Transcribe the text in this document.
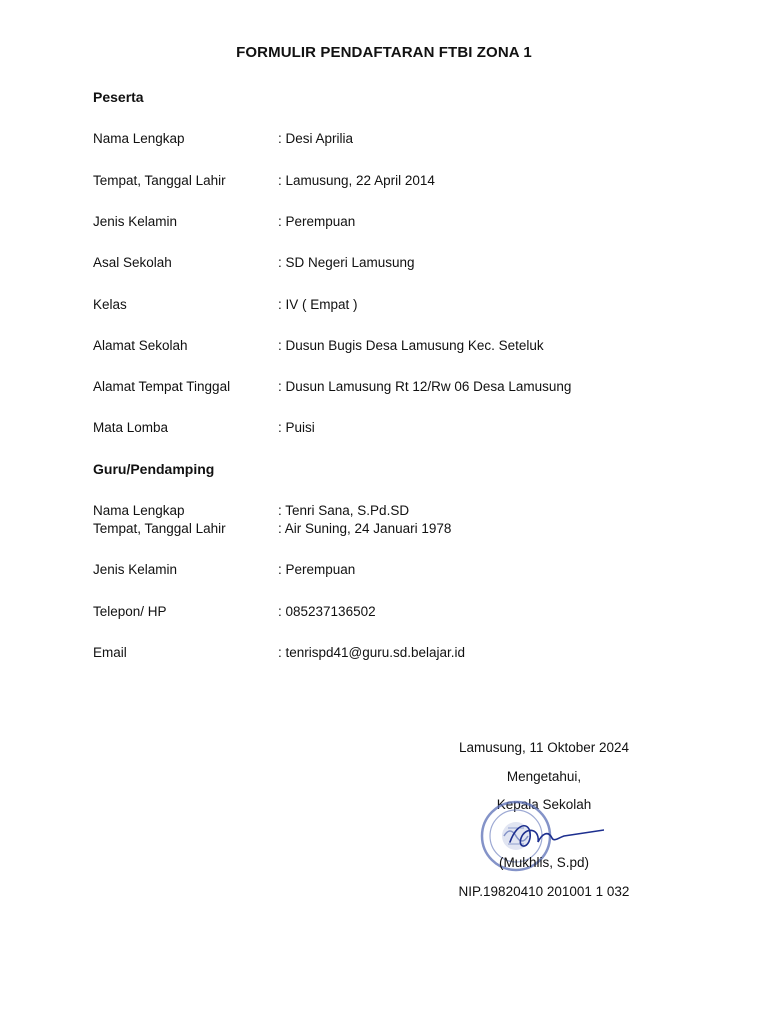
FORMULIR PENDAFTARAN FTBI ZONA 1
Peserta
Nama Lengkap	: Desi Aprilia
Tempat, Tanggal Lahir	: Lamusung, 22 April 2014
Jenis Kelamin	: Perempuan
Asal Sekolah	: SD Negeri Lamusung
Kelas	: IV ( Empat )
Alamat Sekolah	: Dusun Bugis Desa Lamusung Kec. Seteluk
Alamat Tempat Tinggal	: Dusun Lamusung Rt 12/Rw 06 Desa Lamusung
Mata Lomba	: Puisi
Guru/Pendamping
Nama Lengkap	: Tenri Sana, S.Pd.SD
Tempat, Tanggal Lahir	: Air Suning, 24 Januari 1978
Jenis Kelamin	: Perempuan
Telepon/ HP	: 085237136502
Email	: tenrispd41@guru.sd.belajar.id
Lamusung, 11 Oktober 2024
Mengetahui,
Kepala Sekolah
(Mukhlis, S.pd)
NIP.19820410 201001 1 032
